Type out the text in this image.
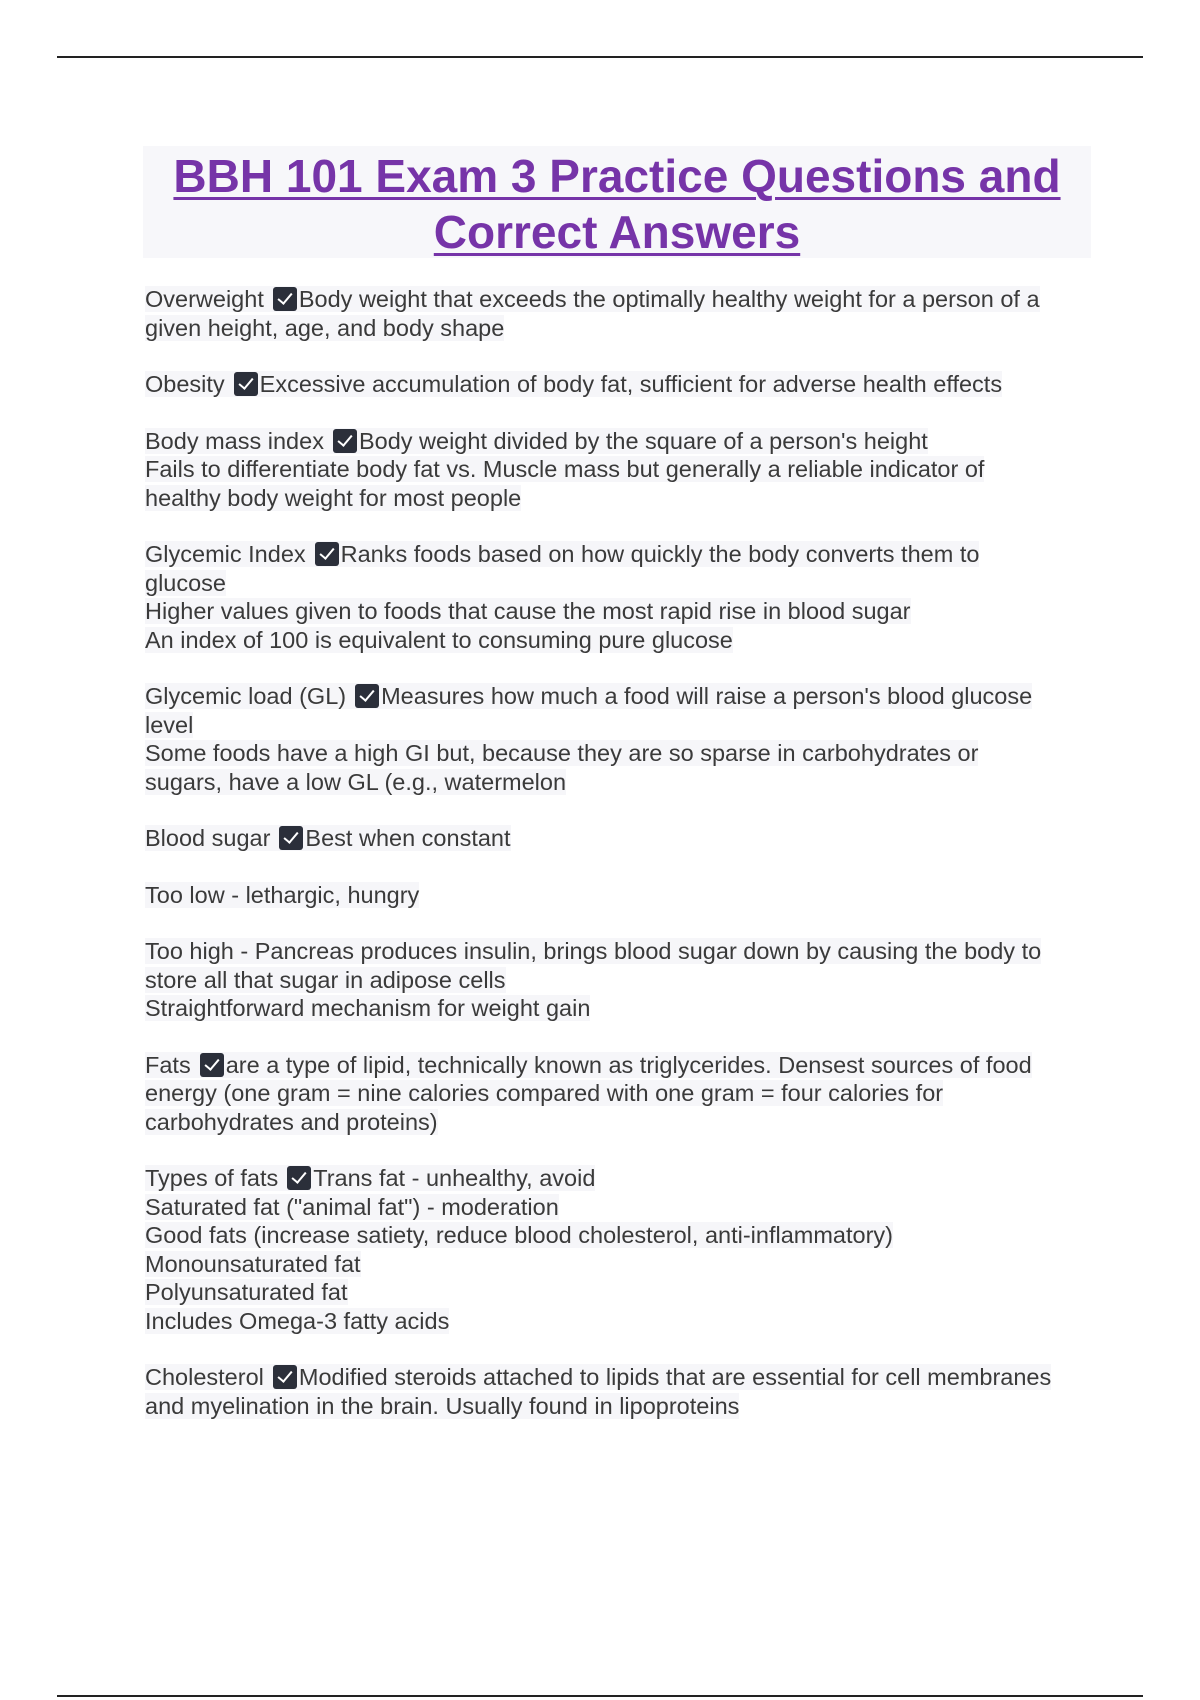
BBH 101 Exam 3 Practice Questions and
Correct Answers
Overweight Body weight that exceeds the optimally healthy weight for a person of a
given height, age, and body shape
Obesity Excessive accumulation of body fat, sufficient for adverse health effects
Body mass index Body weight divided by the square of a person's height
Fails to differentiate body fat vs. Muscle mass but generally a reliable indicator of
healthy body weight for most people
Glycemic Index Ranks foods based on how quickly the body converts them to
glucose
Higher values given to foods that cause the most rapid rise in blood sugar
An index of 100 is equivalent to consuming pure glucose
Glycemic load (GL) Measures how much a food will raise a person's blood glucose
level
Some foods have a high GI but, because they are so sparse in carbohydrates or
sugars, have a low GL (e.g., watermelon
Blood sugar Best when constant
Too low - lethargic, hungry
Too high - Pancreas produces insulin, brings blood sugar down by causing the body to
store all that sugar in adipose cells
Straightforward mechanism for weight gain
Fats are a type of lipid, technically known as triglycerides. Densest sources of food
energy (one gram = nine calories compared with one gram = four calories for
carbohydrates and proteins)
Types of fats Trans fat - unhealthy, avoid
Saturated fat ("animal fat") - moderation
Good fats (increase satiety, reduce blood cholesterol, anti-inflammatory)
Monounsaturated fat
Polyunsaturated fat
Includes Omega-3 fatty acids
Cholesterol Modified steroids attached to lipids that are essential for cell membranes
and myelination in the brain. Usually found in lipoproteins
